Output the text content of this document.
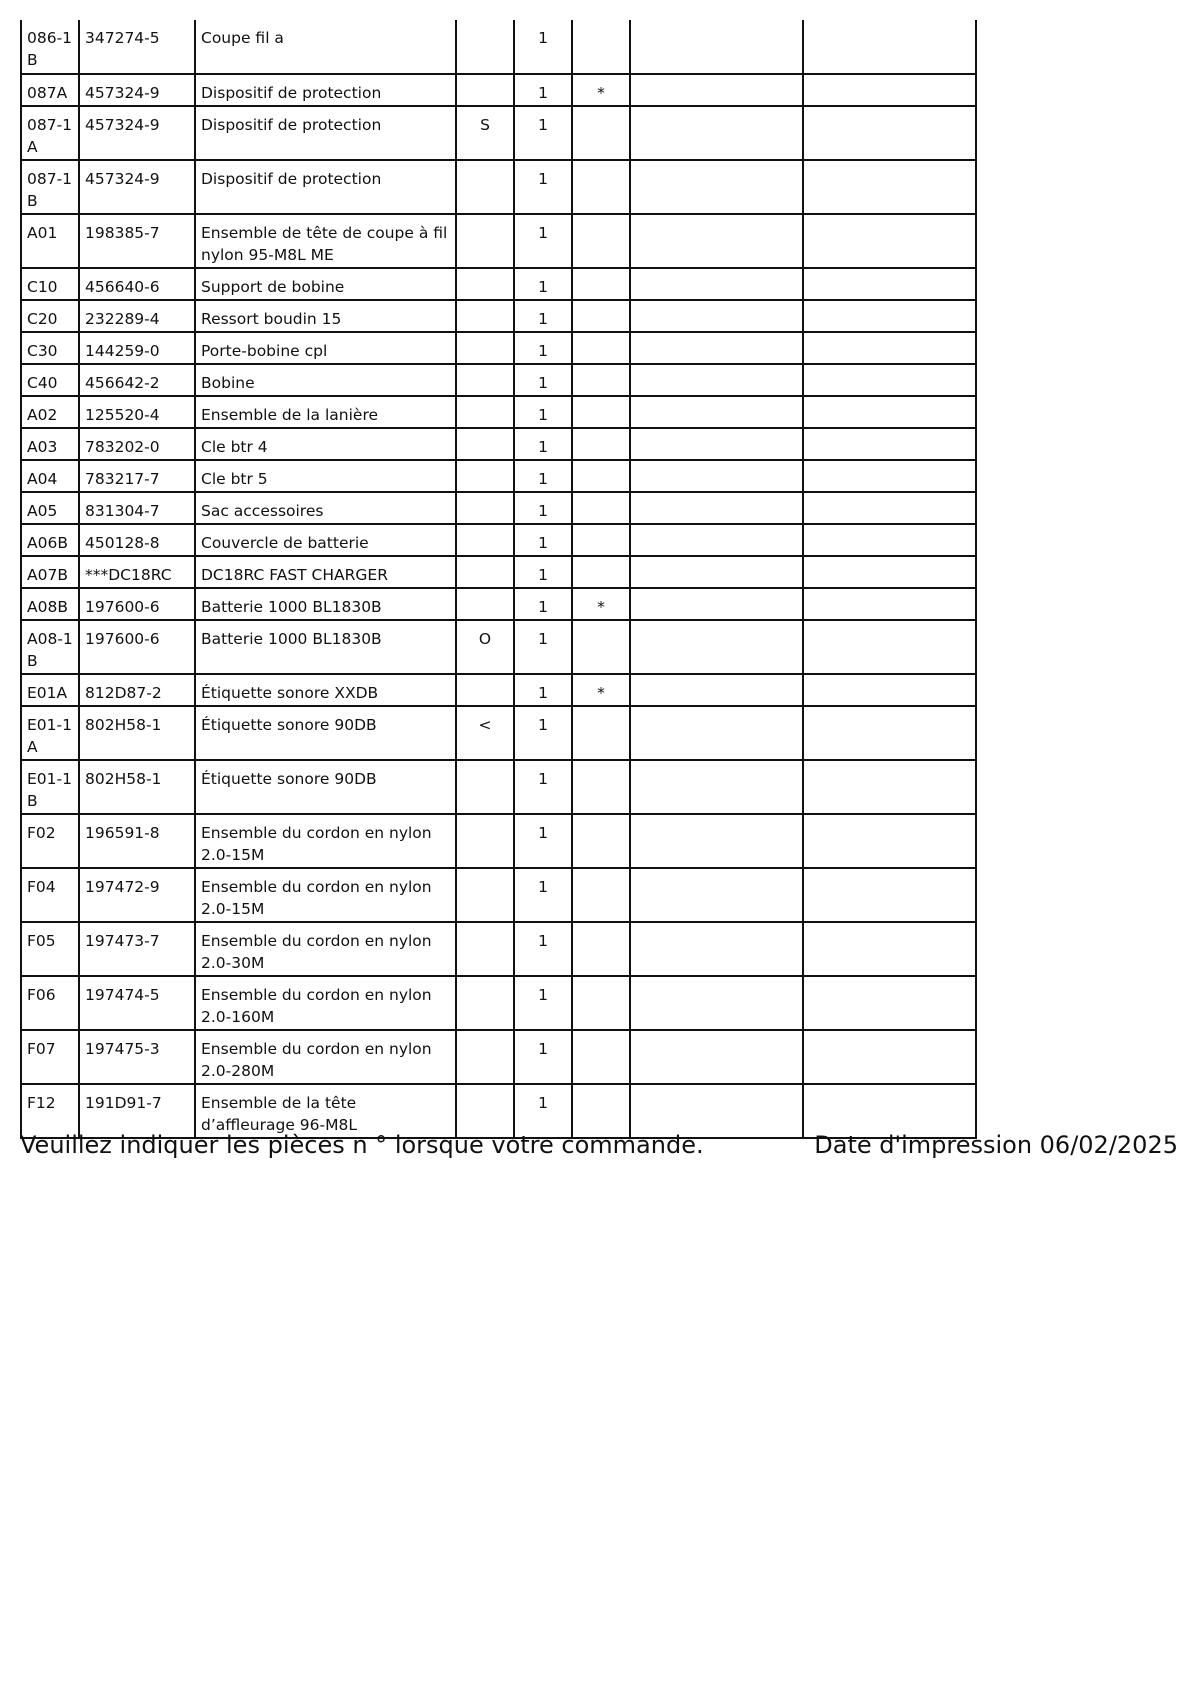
086-1B	347274-5	Coupe fil a		1			
087A	457324-9	Dispositif de protection		1	*		
087-1A	457324-9	Dispositif de protection	S	1			
087-1B	457324-9	Dispositif de protection		1			
A01	198385-7	Ensemble de tête de coupe à fil nylon 95-M8L ME		1			
C10	456640-6	Support de bobine		1			
C20	232289-4	Ressort boudin 15		1			
C30	144259-0	Porte-bobine cpl		1			
C40	456642-2	Bobine		1			
A02	125520-4	Ensemble de la lanière		1			
A03	783202-0	Cle btr 4		1			
A04	783217-7	Cle btr 5		1			
A05	831304-7	Sac accessoires		1			
A06B	450128-8	Couvercle de batterie		1			
A07B	***DC18RC	DC18RC FAST CHARGER		1			
A08B	197600-6	Batterie 1000 BL1830B		1	*		
A08-1B	197600-6	Batterie 1000 BL1830B	O	1			
E01A	812D87-2	Étiquette sonore XXDB		1	*		
E01-1A	802H58-1	Étiquette sonore 90DB	<	1			
E01-1B	802H58-1	Étiquette sonore 90DB		1			
F02	196591-8	Ensemble du cordon en nylon 2.0-15M		1			
F04	197472-9	Ensemble du cordon en nylon 2.0-15M		1			
F05	197473-7	Ensemble du cordon en nylon 2.0-30M		1			
F06	197474-5	Ensemble du cordon en nylon 2.0-160M		1			
F07	197475-3	Ensemble du cordon en nylon 2.0-280M		1			
F12	191D91-7	Ensemble de la tête d’affleurage 96-M8L		1			
Veuillez indiquer les pièces n ° lorsque votre commande.	Date d'impression 06/02/2025
